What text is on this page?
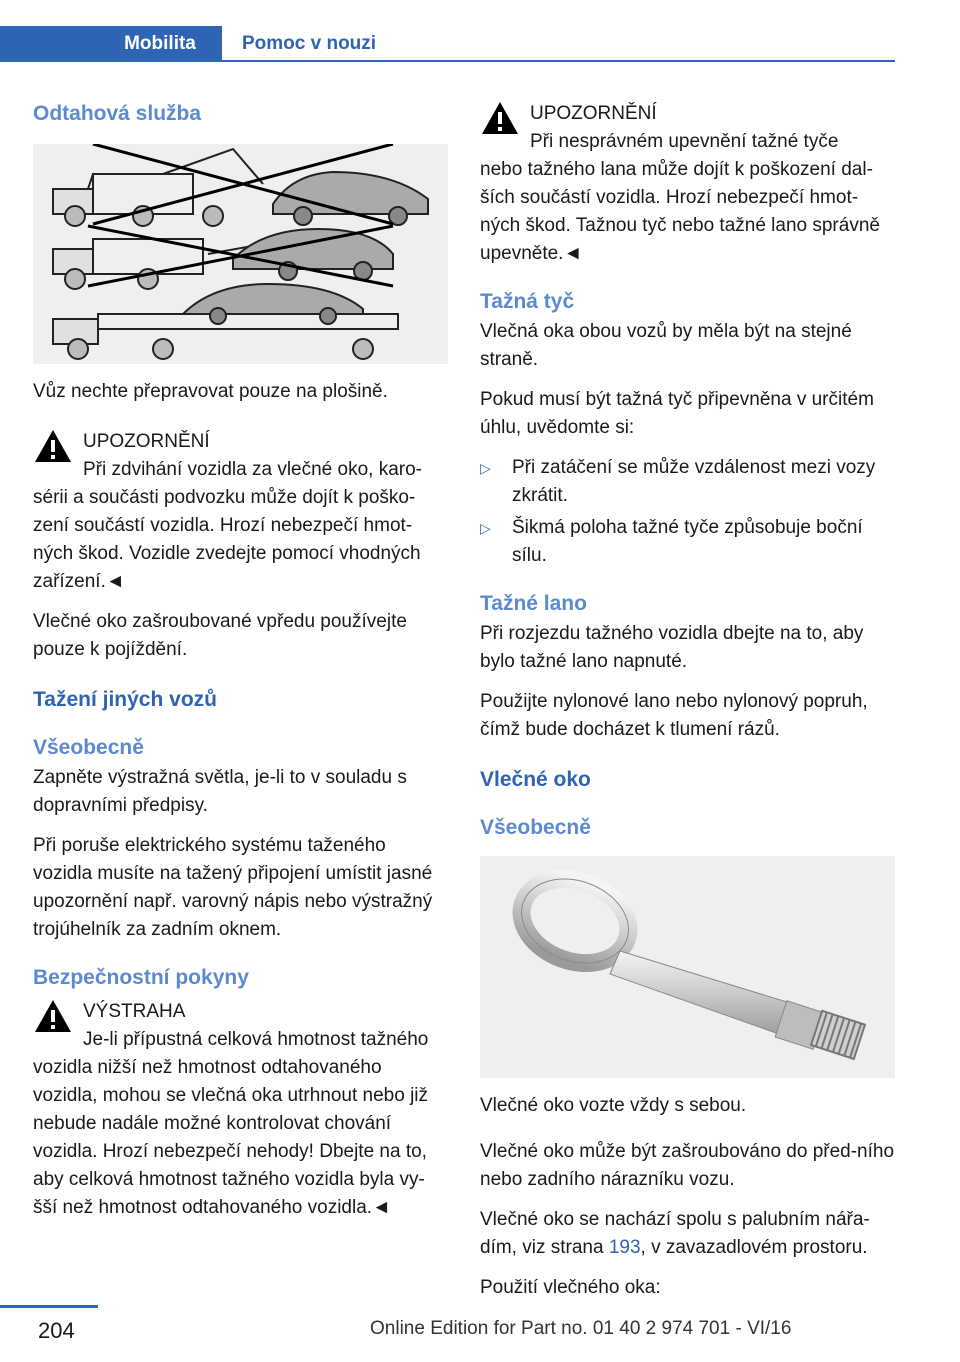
Mobilita	Pomoc v nouzi
Odtahová služba

Vůz nechte přepravovat pouze na plošině.

UPOZORNĚNÍ
Při zdvihání vozidla za vlečné oko, karo-
sérii a součásti podvozku může dojít k poško-zení součástí vozidla. Hrozí nebezpečí hmot-ných škod. Vozidle zvedejte pomocí vhodných zařízení.◄

Vlečné oko zašroubované vpředu používejte pouze k pojíždění.

Tažení jiných vozů
Všeobecně

Zapněte výstražná světla, je-li to v souladu s dopravními předpisy.

Při poruše elektrického systému taženého vozidla musíte na tažený připojení umístit jasné upozornění např. varovný nápis nebo výstražný trojúhelník za zadním oknem.

Bezpečnostní pokyny
VÝSTRAHA
Je-li přípustná celková hmotnost tažného
vozidla nižší než hmotnost odtahovaného vozidla, mohou se vlečná oka utrhnout nebo již nebude nadále možné kontrolovat chování vozidla. Hrozí nebezpečí nehody! Dbejte na to, aby celková hmotnost tažného vozidla byla vy-šší než hmotnost odtahovaného vozidla.◄
UPOZORNĚNÍ
Při nesprávném upevnění tažné tyče
nebo tažného lana může dojít k poškození dal-ších součástí vozidla. Hrozí nebezpečí hmot-ných škod. Tažnou tyč nebo tažné lano správně upevněte.◄
Tažná tyč

Vlečná oka obou vozů by měla být na stejné straně.

Pokud musí být tažná tyč připevněna v určitém úhlu, uvědomte si:

▷ Při zatáčení se může vzdálenost mezi vozy zkrátit.
▷ Šikmá poloha tažné tyče způsobuje boční sílu.
Tažné lano

Při rozjezdu tažného vozidla dbejte na to, aby bylo tažné lano napnuté.

Použijte nylonové lano nebo nylonový popruh, čímž bude docházet k tlumení rázů.

Vlečné oko
Všeobecně

Vlečné oko vozte vždy s sebou.

Vlečné oko může být zašroubováno do před-ního nebo zadního nárazníku vozu.

Vlečné oko se nachází spolu s palubním nářa-dím, viz strana 193, v zavazadlovém prostoru.

Použití vlečného oka:

204	Online Edition for Part no. 01 40 2 974 701 - VI/16
